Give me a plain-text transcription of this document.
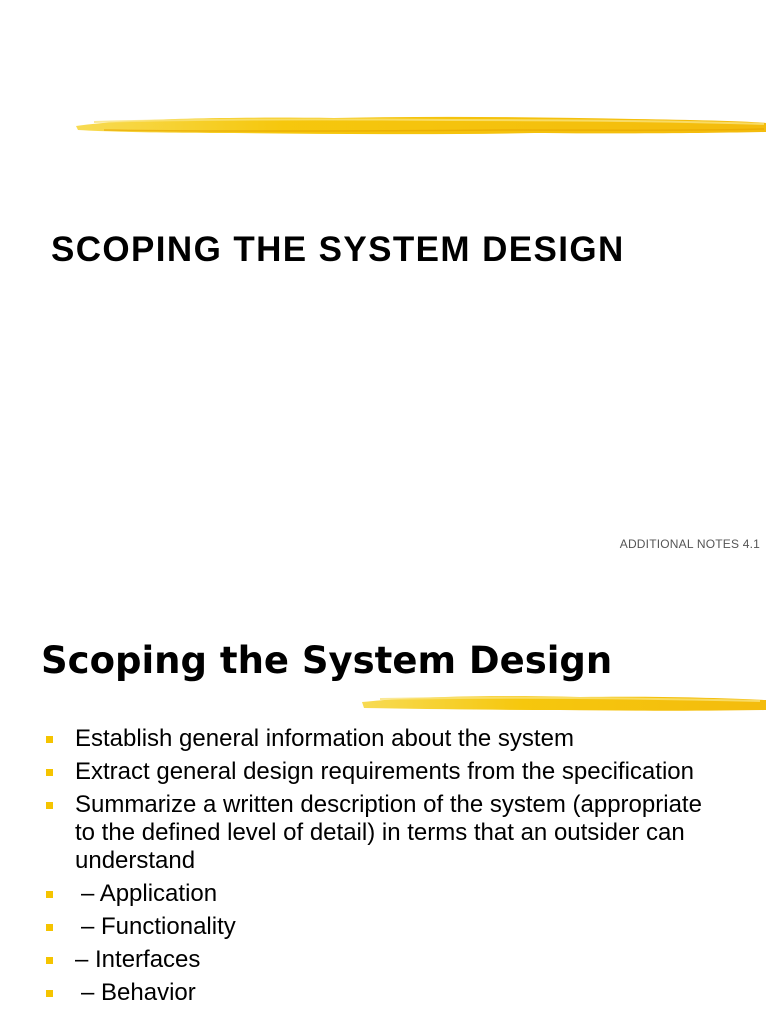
SCOPING THE SYSTEM DESIGN
ADDITIONAL NOTES 4.1
Scoping the System Design
Establish general information about the system
Extract general design requirements from the specification
Summarize a written description of the system (appropriate to the defined level of detail) in terms that an outsider can understand
– Application
– Functionality
– Interfaces
– Behavior
